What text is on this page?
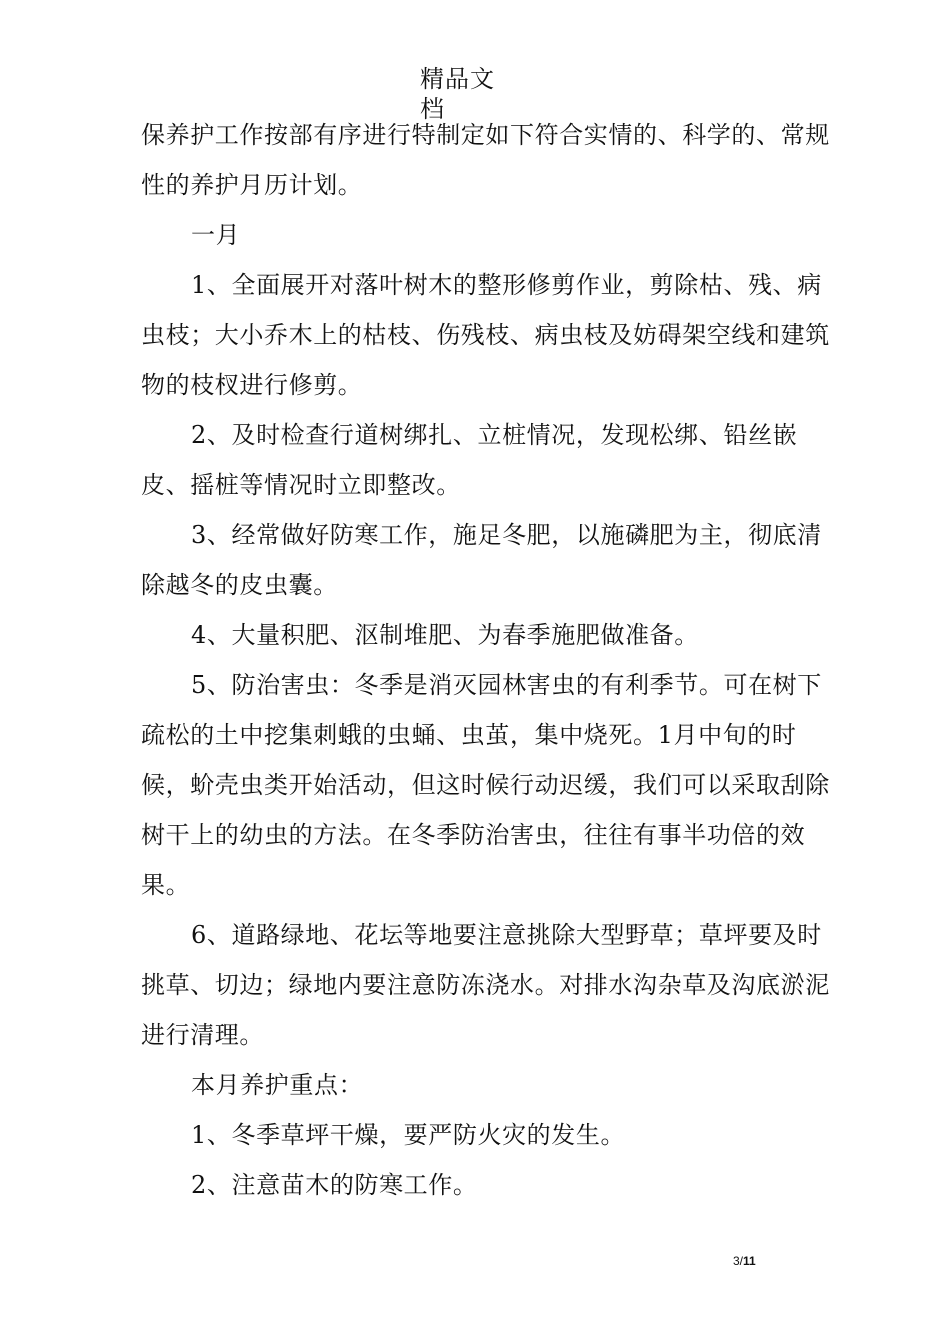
精品文
档

保养护工作按部有序进行特制定如下符合实情的、科学的、常规性的养护月历计划。

一月

1、全面展开对落叶树木的整形修剪作业，剪除枯、残、病虫枝；大小乔木上的枯枝、伤残枝、病虫枝及妨碍架空线和建筑物的枝杈进行修剪。

2、及时检查行道树绑扎、立桩情况，发现松绑、铅丝嵌皮、摇桩等情况时立即整改。

3、经常做好防寒工作，施足冬肥，以施磷肥为主，彻底清除越冬的皮虫囊。

4、大量积肥、沤制堆肥、为春季施肥做准备。

5、防治害虫：冬季是消灭园林害虫的有利季节。可在树下疏松的土中挖集刺蛾的虫蛹、虫茧，集中烧死。1月中旬的时候，蚧壳虫类开始活动，但这时候行动迟缓，我们可以采取刮除树干上的幼虫的方法。在冬季防治害虫，往往有事半功倍的效果。

6、道路绿地、花坛等地要注意挑除大型野草；草坪要及时挑草、切边；绿地内要注意防冻浇水。对排水沟杂草及沟底淤泥进行清理。

本月养护重点：

1、冬季草坪干燥，要严防火灾的发生。

2、注意苗木的防寒工作。

3/11
